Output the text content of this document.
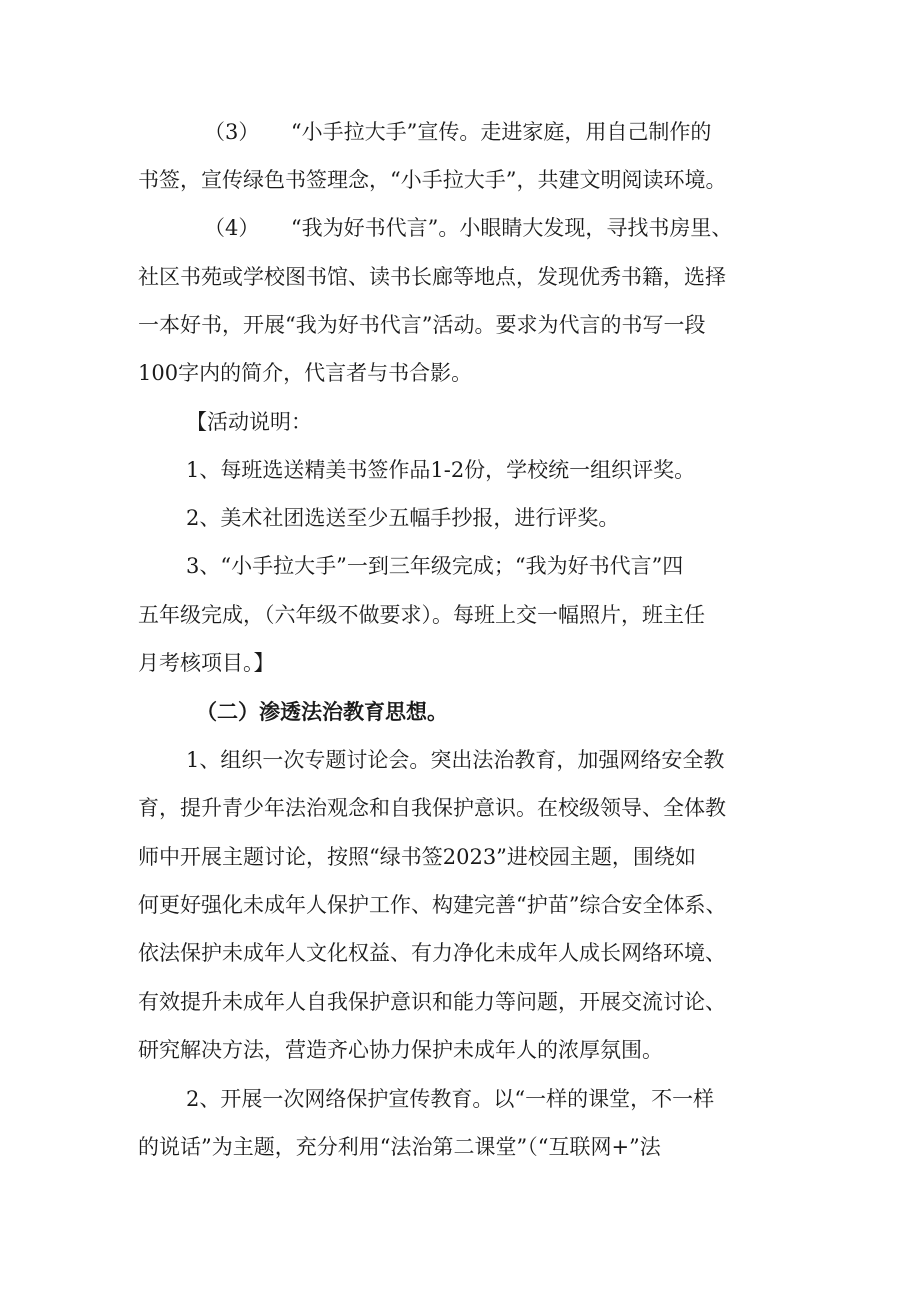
（3）　　“小手拉大手”宣传。走进家庭，用自己制作的
书签，宣传绿色书签理念，“小手拉大手”，共建文明阅读环境。
（4）　　“我为好书代言”。小眼睛大发现，寻找书房里、
社区书苑或学校图书馆、读书长廊等地点，发现优秀书籍，选择
一本好书，开展“我为好书代言”活动。要求为代言的书写一段
100字内的简介，代言者与书合影。
【活动说明：
1、每班选送精美书签作品1-2份，学校统一组织评奖。
2、美术社团选送至少五幅手抄报，进行评奖。
3、“小手拉大手”一到三年级完成；“我为好书代言”四
五年级完成，（六年级不做要求）。每班上交一幅照片，班主任
月考核项目。】
（二）渗透法治教育思想。
1、组织一次专题讨论会。突出法治教育，加强网络安全教
育，提升青少年法治观念和自我保护意识。在校级领导、全体教
师中开展主题讨论，按照“绿书签2023”进校园主题，围绕如
何更好强化未成年人保护工作、构建完善“护苗”综合安全体系、
依法保护未成年人文化权益、有力净化未成年人成长网络环境、
有效提升未成年人自我保护意识和能力等问题，开展交流讨论、
研究解决方法，营造齐心协力保护未成年人的浓厚氛围。
2、开展一次网络保护宣传教育。以“一样的课堂，不一样
的说话”为主题，充分利用“法治第二课堂”（“互联网+”法
